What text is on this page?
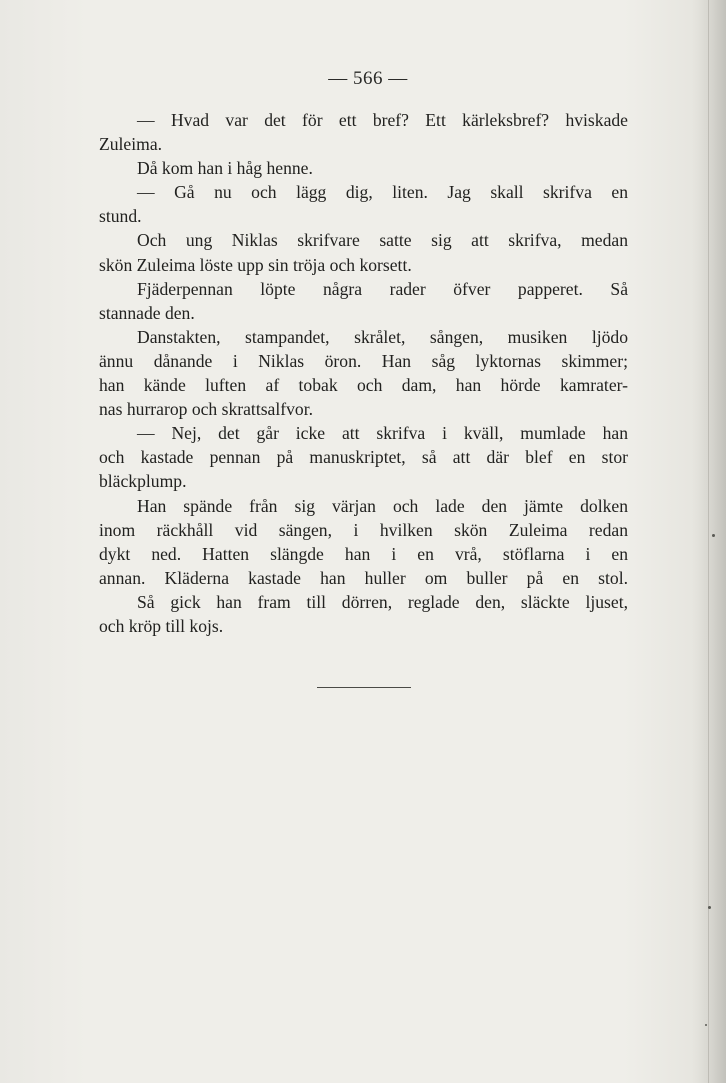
— 566 —
— Hvad var det för ett bref? Ett kärleksbref? hviskade
Zuleima.
Då kom han i håg henne.
— Gå nu och lägg dig, liten. Jag skall skrifva en
stund.
Och ung Niklas skrifvare satte sig att skrifva, medan
skön Zuleima löste upp sin tröja och korsett.
Fjäderpennan löpte några rader öfver papperet. Så
stannade den.
Danstakten, stampandet, skrålet, sången, musiken ljödo
ännu dånande i Niklas öron. Han såg lyktornas skimmer;
han kände luften af tobak och dam, han hörde kamrater-
nas hurrarop och skrattsalfvor.
— Nej, det går icke att skrifva i kväll, mumlade han
och kastade pennan på manuskriptet, så att där blef en stor
bläckplump.
Han spände från sig värjan och lade den jämte dolken
inom räckhåll vid sängen, i hvilken skön Zuleima redan
dykt ned. Hatten slängde han i en vrå, stöflarna i en
annan. Kläderna kastade han huller om buller på en stol.
Så gick han fram till dörren, reglade den, släckte ljuset,
och kröp till kojs.
